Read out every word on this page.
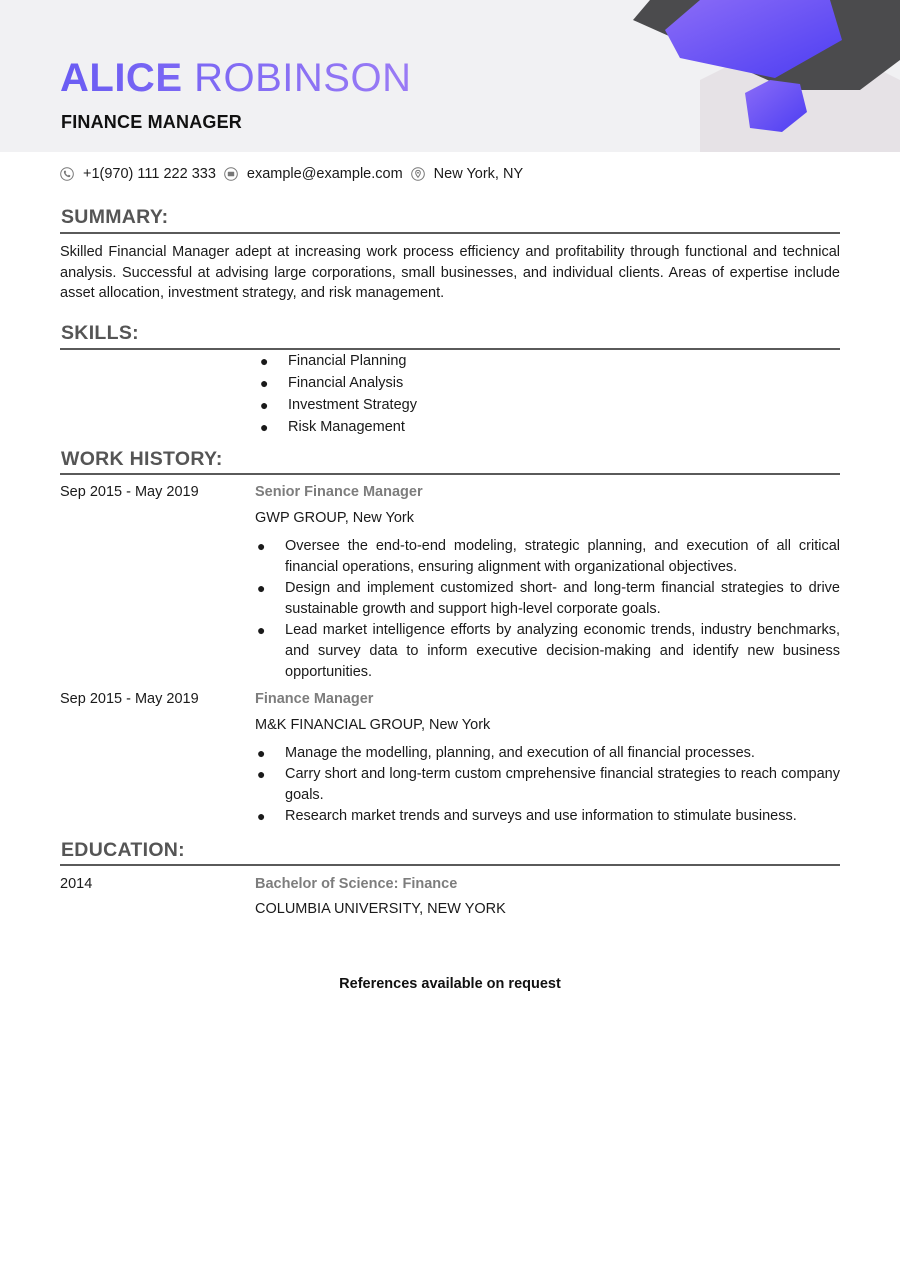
ALICE ROBINSON
FINANCE MANAGER
+1(970) 111 222 333 example@example.com New York, NY
SUMMARY:

Skilled Financial Manager adept at increasing work process efficiency and profitability through functional and technical analysis. Successful at advising large corporations, small businesses, and individual clients. Areas of expertise include asset allocation, investment strategy, and risk management.

SKILLS:
● Financial Planning
● Financial Analysis
● Investment Strategy
● Risk Management
WORK HISTORY:

Sep 2015 - May 2019	Senior Finance Manager

GWP GROUP, New York

● Oversee the end-to-end modeling, strategic planning, and execution of all critical financial operations, ensuring alignment with organizational objectives.
● Design and implement customized short- and long-term financial strategies to drive sustainable growth and support high-level corporate goals.
● Lead market intelligence efforts by analyzing economic trends, industry benchmarks, and survey data to inform executive decision-making and identify new business opportunities.

Sep 2015 - May 2019	Finance Manager

M&K FINANCIAL GROUP, New York

● Manage the modelling, planning, and execution of all financial processes.
● Carry short and long-term custom cmprehensive financial strategies to reach company goals.
● Research market trends and surveys and use information to stimulate business.
EDUCATION:

2014	Bachelor of Science: Finance

COLUMBIA UNIVERSITY, NEW YORK

References available on request
